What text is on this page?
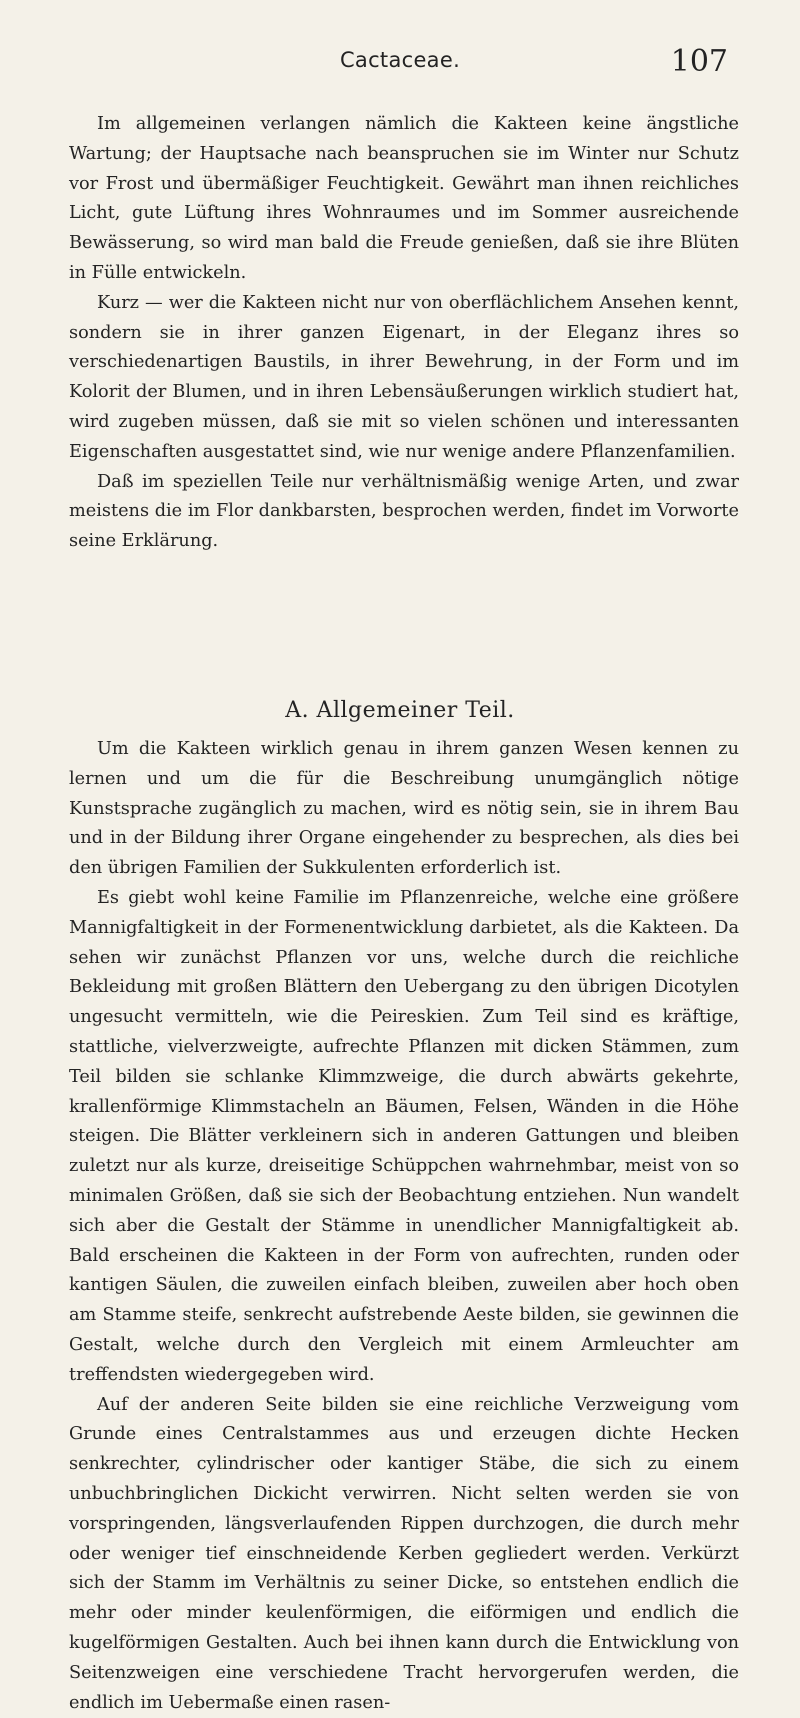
Cactaceae.	107

Im allgemeinen verlangen nämlich die Kakteen keine ängstliche Wartung; der Hauptsache nach beanspruchen sie im Winter nur Schutz vor Frost und übermäßiger Feuchtigkeit. Gewährt man ihnen reichliches Licht, gute Lüftung ihres Wohnraumes und im Sommer ausreichende Bewässerung, so wird man bald die Freude genießen, daß sie ihre Blüten in Fülle entwickeln.

Kurz — wer die Kakteen nicht nur von oberflächlichem Ansehen kennt, sondern sie in ihrer ganzen Eigenart, in der Eleganz ihres so verschiedenartigen Baustils, in ihrer Bewehrung, in der Form und im Kolorit der Blumen, und in ihren Lebensäußerungen wirklich studiert hat, wird zugeben müssen, daß sie mit so vielen schönen und interessanten Eigenschaften ausgestattet sind, wie nur wenige andere Pflanzenfamilien.

Daß im speziellen Teile nur verhältnismäßig wenige Arten, und zwar meistens die im Flor dankbarsten, besprochen werden, findet im Vorworte seine Erklärung.

A. Allgemeiner Teil.

Um die Kakteen wirklich genau in ihrem ganzen Wesen kennen zu lernen und um die für die Beschreibung unumgänglich nötige Kunstsprache zugänglich zu machen, wird es nötig sein, sie in ihrem Bau und in der Bildung ihrer Organe eingehender zu besprechen, als dies bei den übrigen Familien der Sukkulenten erforderlich ist.

Es giebt wohl keine Familie im Pflanzenreiche, welche eine größere Mannigfaltigkeit in der Formenentwicklung darbietet, als die Kakteen. Da sehen wir zunächst Pflanzen vor uns, welche durch die reichliche Bekleidung mit großen Blättern den Uebergang zu den übrigen Dicotylen ungesucht vermitteln, wie die Peireskien. Zum Teil sind es kräftige, stattliche, vielverzweigte, aufrechte Pflanzen mit dicken Stämmen, zum Teil bilden sie schlanke Klimmzweige, die durch abwärts gekehrte, krallenförmige Klimmstacheln an Bäumen, Felsen, Wänden in die Höhe steigen. Die Blätter verkleinern sich in anderen Gattungen und bleiben zuletzt nur als kurze, dreiseitige Schüppchen wahrnehmbar, meist von so minimalen Größen, daß sie sich der Beobachtung entziehen. Nun wandelt sich aber die Gestalt der Stämme in unendlicher Mannigfaltigkeit ab. Bald erscheinen die Kakteen in der Form von aufrechten, runden oder kantigen Säulen, die zuweilen einfach bleiben, zuweilen aber hoch oben am Stamme steife, senkrecht aufstrebende Aeste bilden, sie gewinnen die Gestalt, welche durch den Vergleich mit einem Armleuchter am treffendsten wiedergegeben wird.

Auf der anderen Seite bilden sie eine reichliche Verzweigung vom Grunde eines Centralstammes aus und erzeugen dichte Hecken senkrechter, cylindrischer oder kantiger Stäbe, die sich zu einem unbuchbringlichen Dickicht verwirren. Nicht selten werden sie von vorspringenden, längsverlaufenden Rippen durchzogen, die durch mehr oder weniger tief einschneidende Kerben gegliedert werden. Verkürzt sich der Stamm im Verhältnis zu seiner Dicke, so entstehen endlich die mehr oder minder keulenförmigen, die eiförmigen und endlich die kugelförmigen Gestalten. Auch bei ihnen kann durch die Entwicklung von Seitenzweigen eine verschiedene Tracht hervorgerufen werden, die endlich im Uebermaße einen rasen-
